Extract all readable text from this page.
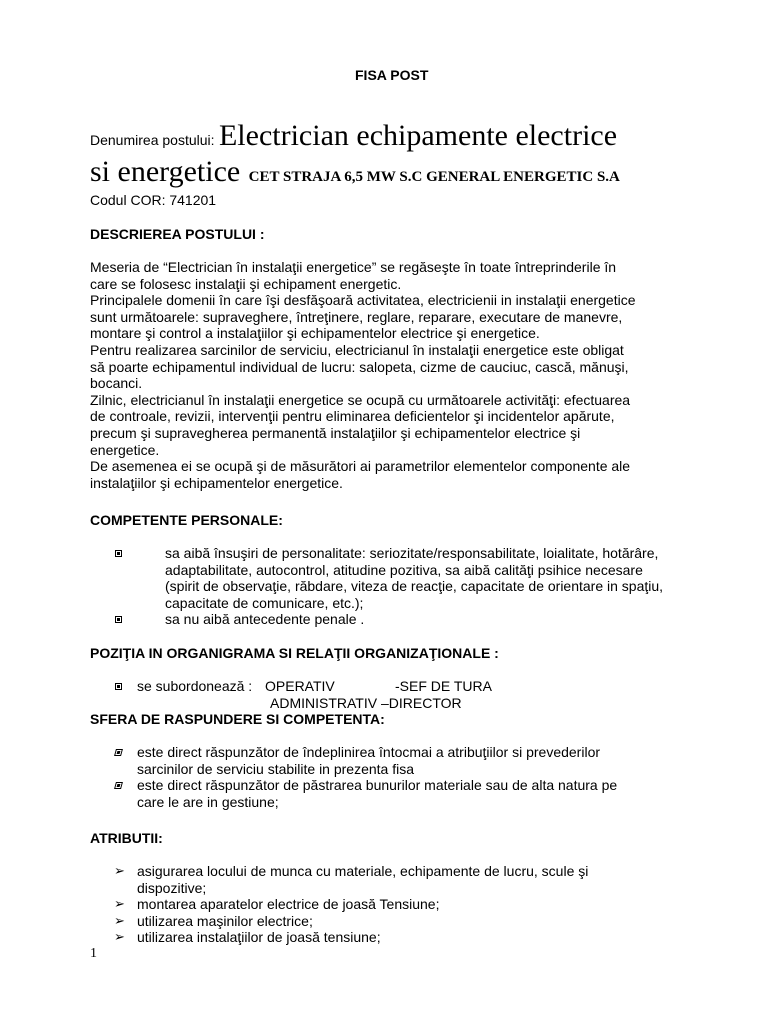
FISA POST
Denumirea postului: Electrician echipamente electrice
si energetice CET STRAJA 6,5 MW S.C GENERAL ENERGETIC S.A
Codul COR: 741201
DESCRIEREA POSTULUI :
Meseria de “Electrician în instalaţii energetice” se regăseşte în toate întreprinderile în
care se folosesc instalaţii şi echipament energetic.
Principalele domenii în care îşi desfăşoară activitatea, electricienii in instalaţii energetice
sunt următoarele: supraveghere, întreţinere, reglare, reparare, executare de manevre,
montare şi control a instalaţiilor şi echipamentelor electrice şi energetice.
Pentru realizarea sarcinilor de serviciu, electricianul în instalaţii energetice este obligat
să poarte echipamentul individual de lucru: salopeta, cizme de cauciuc, cască, mănuşi,
bocanci.
Zilnic, electricianul în instalaţii energetice se ocupă cu următoarele activităţi: efectuarea
de controale, revizii, intervenţii pentru eliminarea deficientelor şi incidentelor apărute,
precum şi supravegherea permanentă instalaţiilor şi echipamentelor electrice şi
energetice.
De asemenea ei se ocupă şi de măsurători ai parametrilor elementelor componente ale
instalaţiilor şi echipamentelor energetice.
COMPETENTE PERSONALE:
sa aibă însuşiri de personalitate: seriozitate/responsabilitate, loialitate, hotărâre,
adaptabilitate, autocontrol, atitudine pozitiva, sa aibă calităţi psihice necesare
(spirit de observaţie, răbdare, viteza de reacţie, capacitate de orientare in spaţiu,
capacitate de comunicare, etc.);
sa nu aibă antecedente penale .
POZIŢIA IN ORGANIGRAMA SI RELAŢII ORGANIZAŢIONALE :
se subordonează : OPERATIV	-SEF DE TURA
ADMINISTRATIV –DIRECTOR
SFERA DE RASPUNDERE SI COMPETENTA:
este direct răspunzător de îndeplinirea întocmai a atribuţiilor si prevederilor
sarcinilor de serviciu stabilite in prezenta fisa
este direct răspunzător de păstrarea bunurilor materiale sau de alta natura pe
care le are in gestiune;
ATRIBUTII:
➢ asigurarea locului de munca cu materiale, echipamente de lucru, scule şi
dispozitive;
➢ montarea aparatelor electrice de joasă Tensiune;
➢ utilizarea maşinilor electrice;
➢ utilizarea instalaţiilor de joasă tensiune;
1
